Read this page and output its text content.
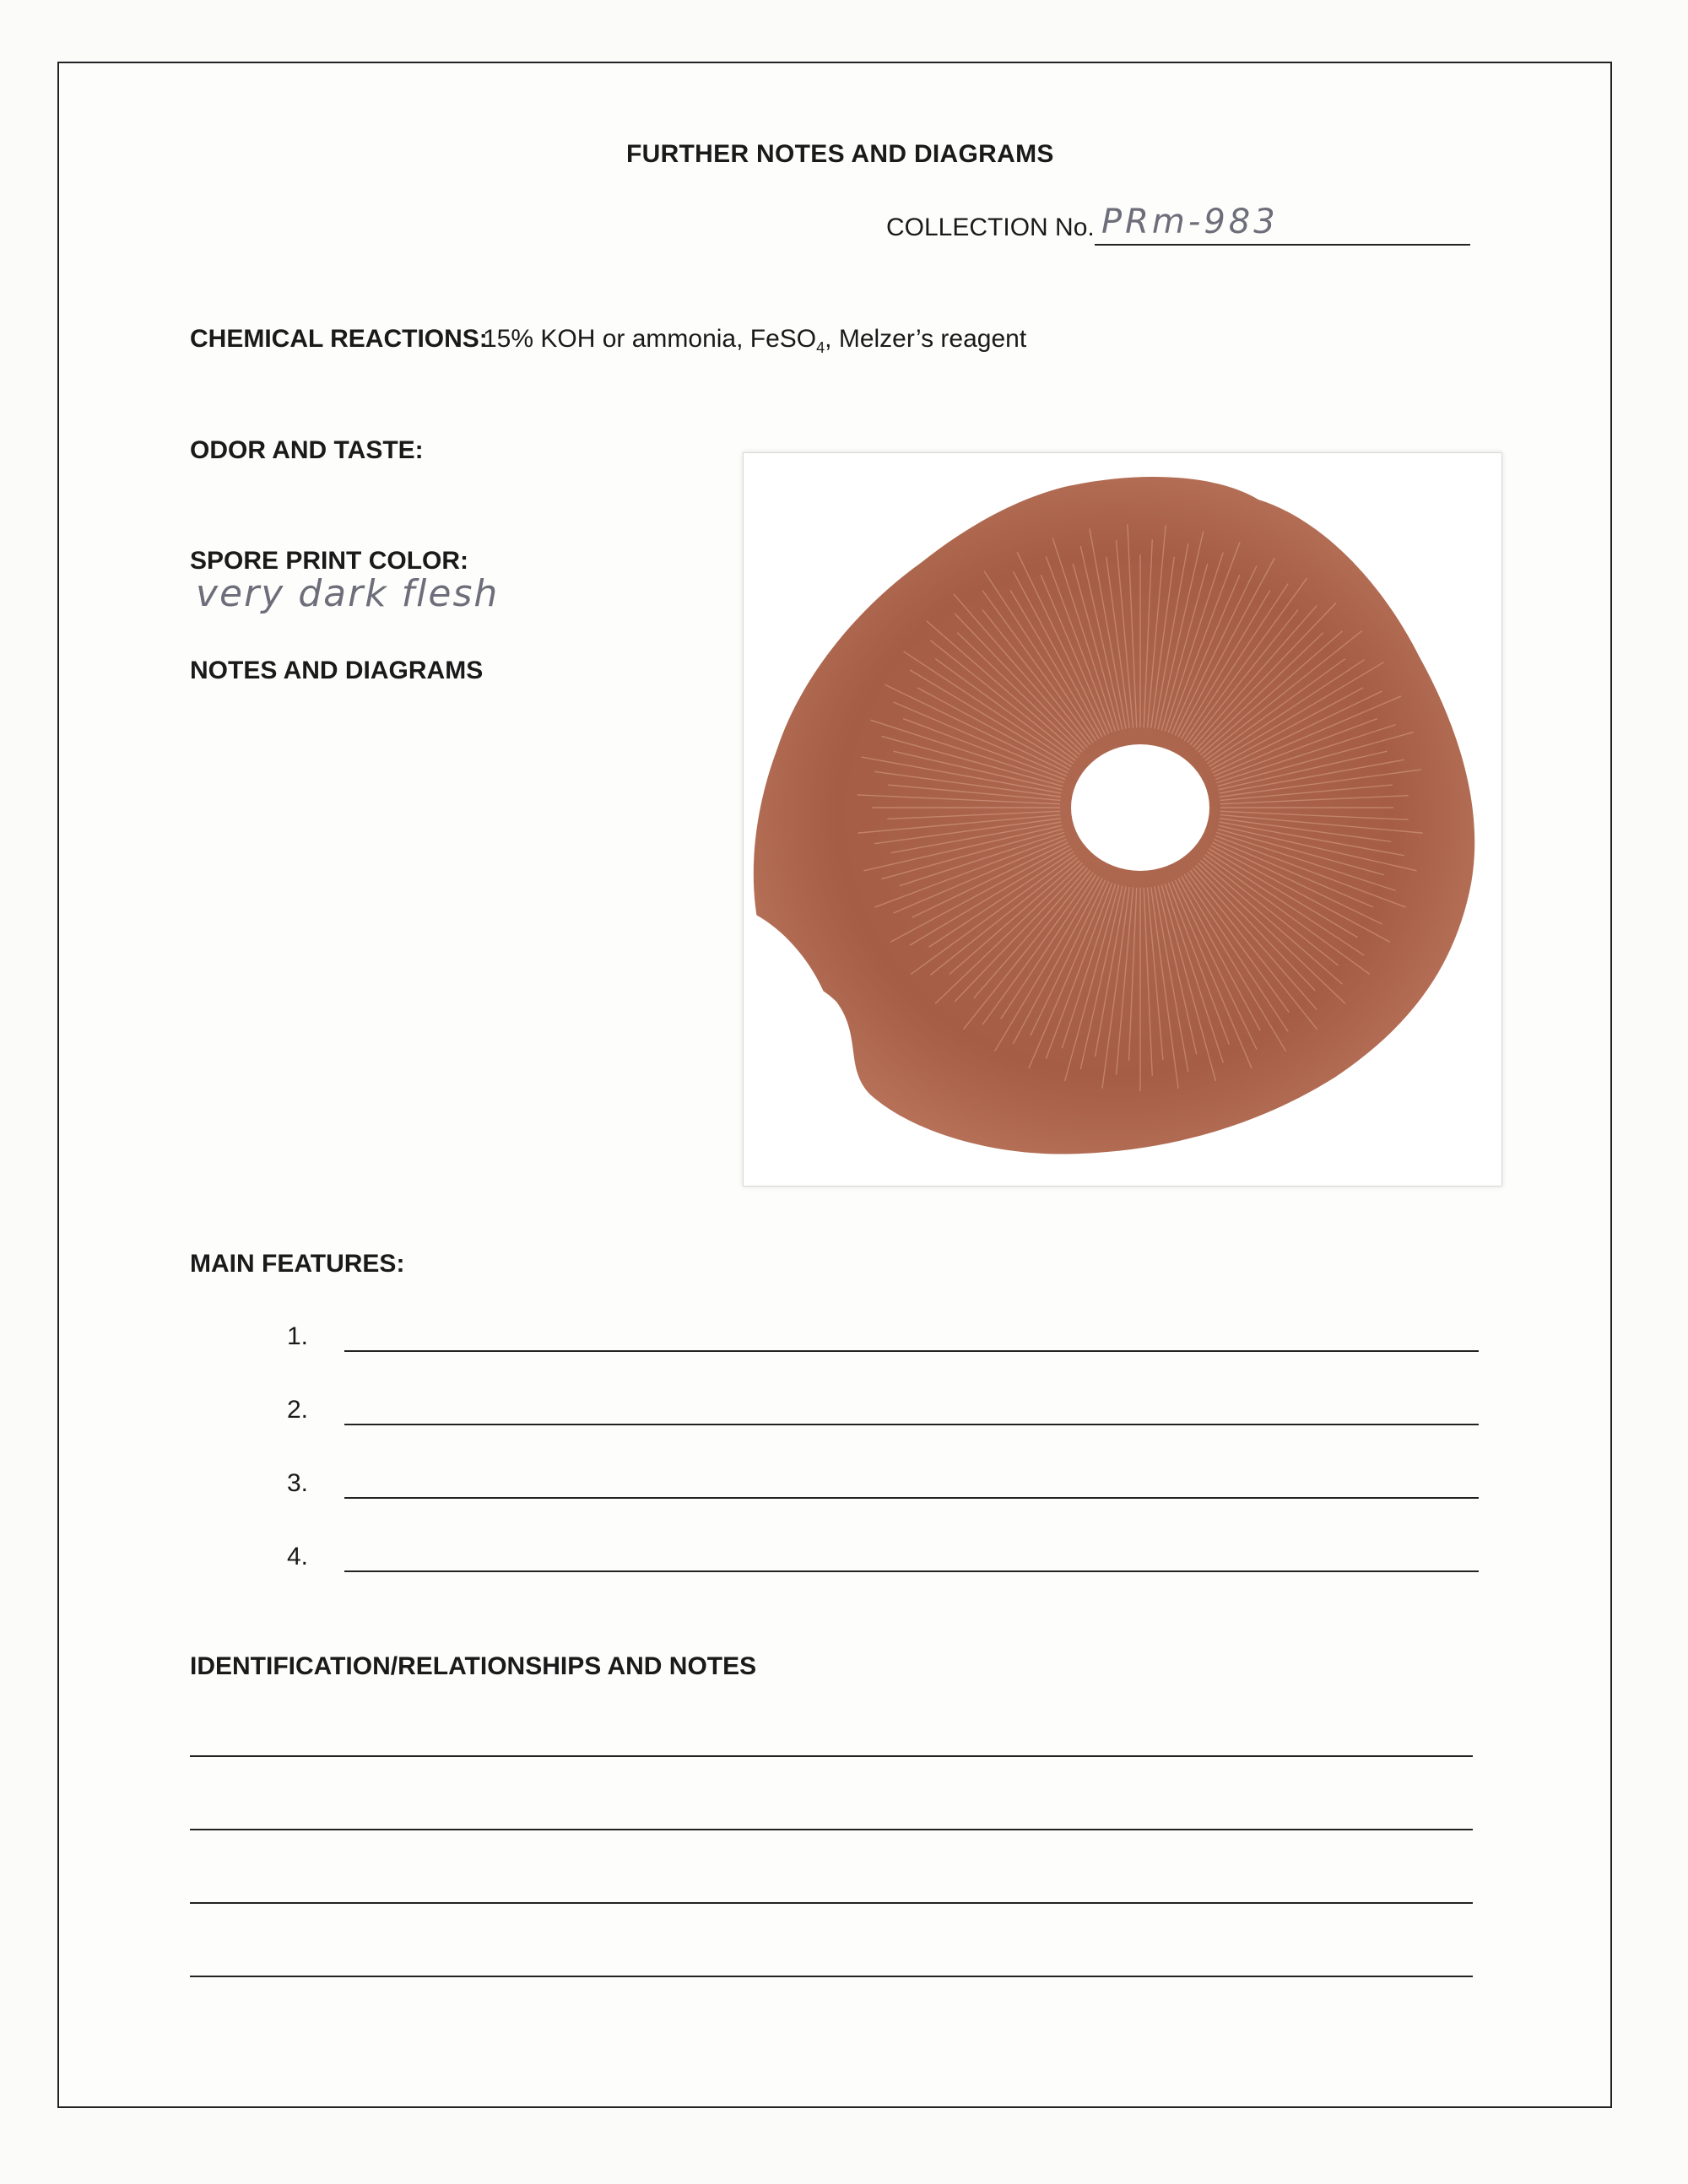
FURTHER NOTES AND DIAGRAMS
COLLECTION No. PRm-983
CHEMICAL REACTIONS:
15% KOH or ammonia, FeSO$_4$, Melzer’s reagent
ODOR AND TASTE:
SPORE PRINT COLOR:
very dark flesh
NOTES AND DIAGRAMS
MAIN FEATURES:
1.
2.
3.
4.
IDENTIFICATION/RELATIONSHIPS AND NOTES
